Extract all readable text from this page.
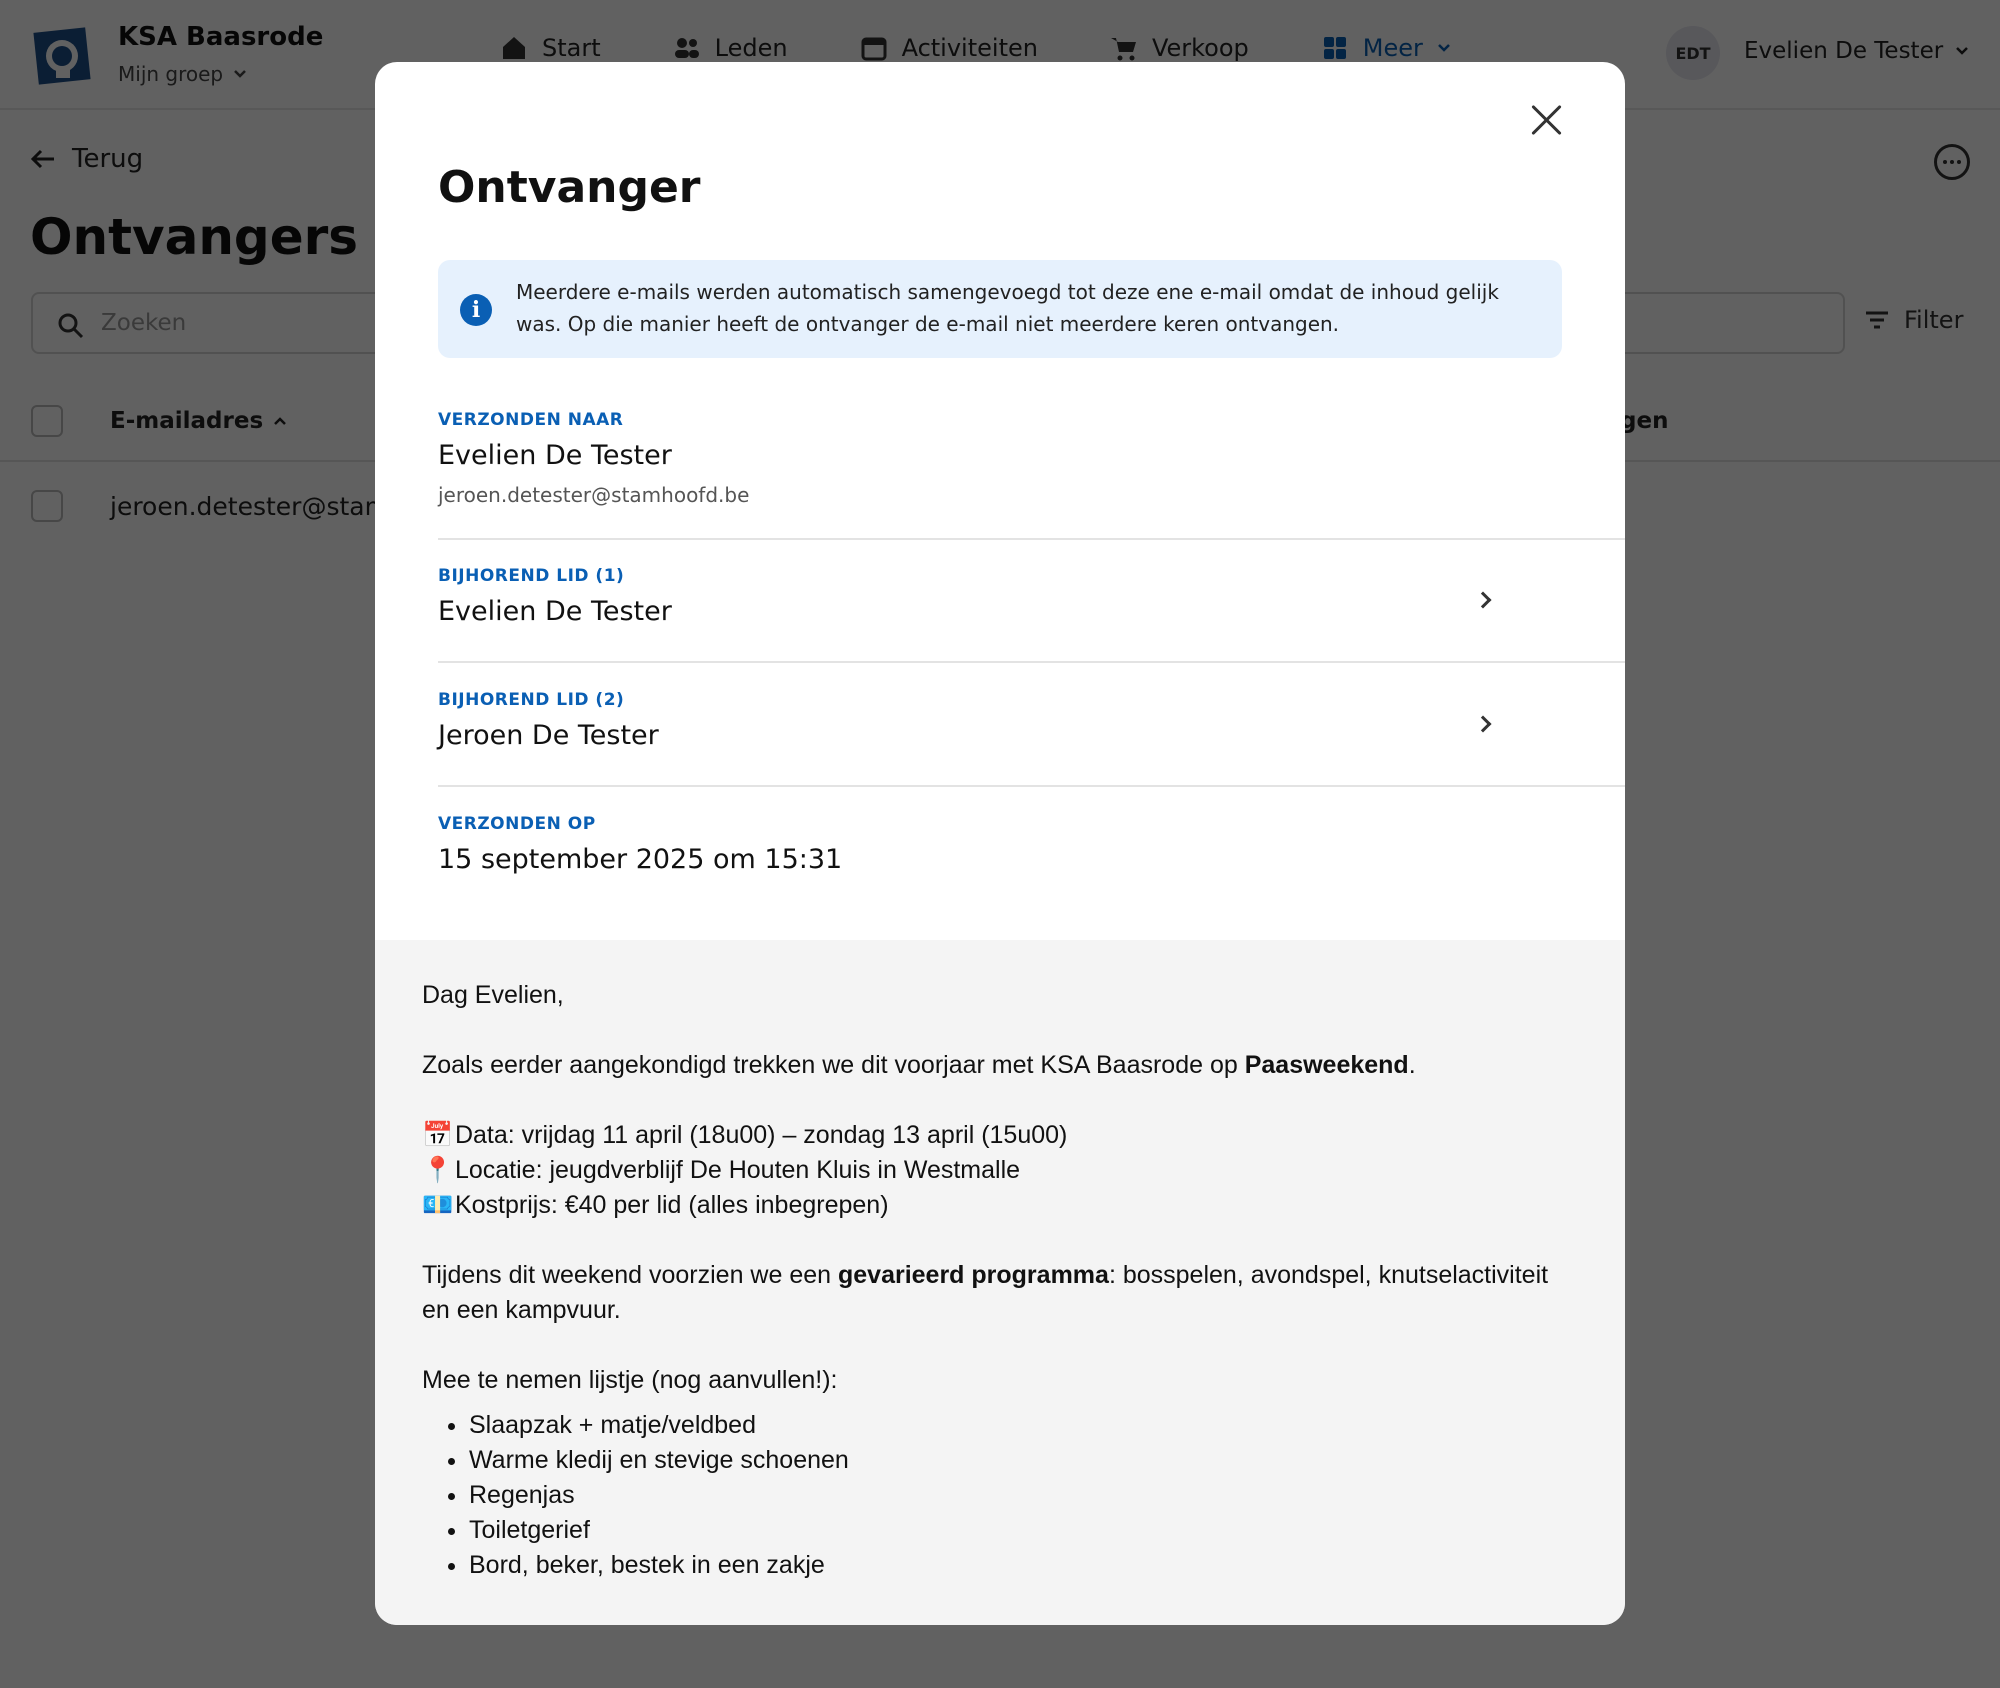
Ontvanger
i
Meerdere e-mails werden automatisch samengevoegd tot deze ene e-mail omdat de inhoud gelijk was. Op die manier heeft de ontvanger de e-mail niet meerdere keren ontvangen.
VERZONDEN NAAR
Evelien De Tester
jeroen.detester@stamhoofd.be
BIJHOREND LID (1)
Evelien De Tester
BIJHOREND LID (2)
Jeroen De Tester
VERZONDEN OP
15 september 2025 om 15:31

Dag Evelien,

Zoals eerder aangekondigd trekken we dit voorjaar met KSA Baasrode op Paasweekend.

📅 Data: vrijdag 11 april (18u00) – zondag 13 april (15u00)
📍 Locatie: jeugdverblijf De Houten Kluis in Westmalle
💶 Kostprijs: €40 per lid (alles inbegrepen)

Tijdens dit weekend voorzien we een gevarieerd programma: bosspelen, avondspel, knutselactiviteit en een kampvuur.

Mee te nemen lijstje (nog aanvullen!):

• Slaapzak + matje/veldbed
• Warme kledij en stevige schoenen
• Regenjas
• Toiletgerief
• Bord, beker, bestek in een zakje
